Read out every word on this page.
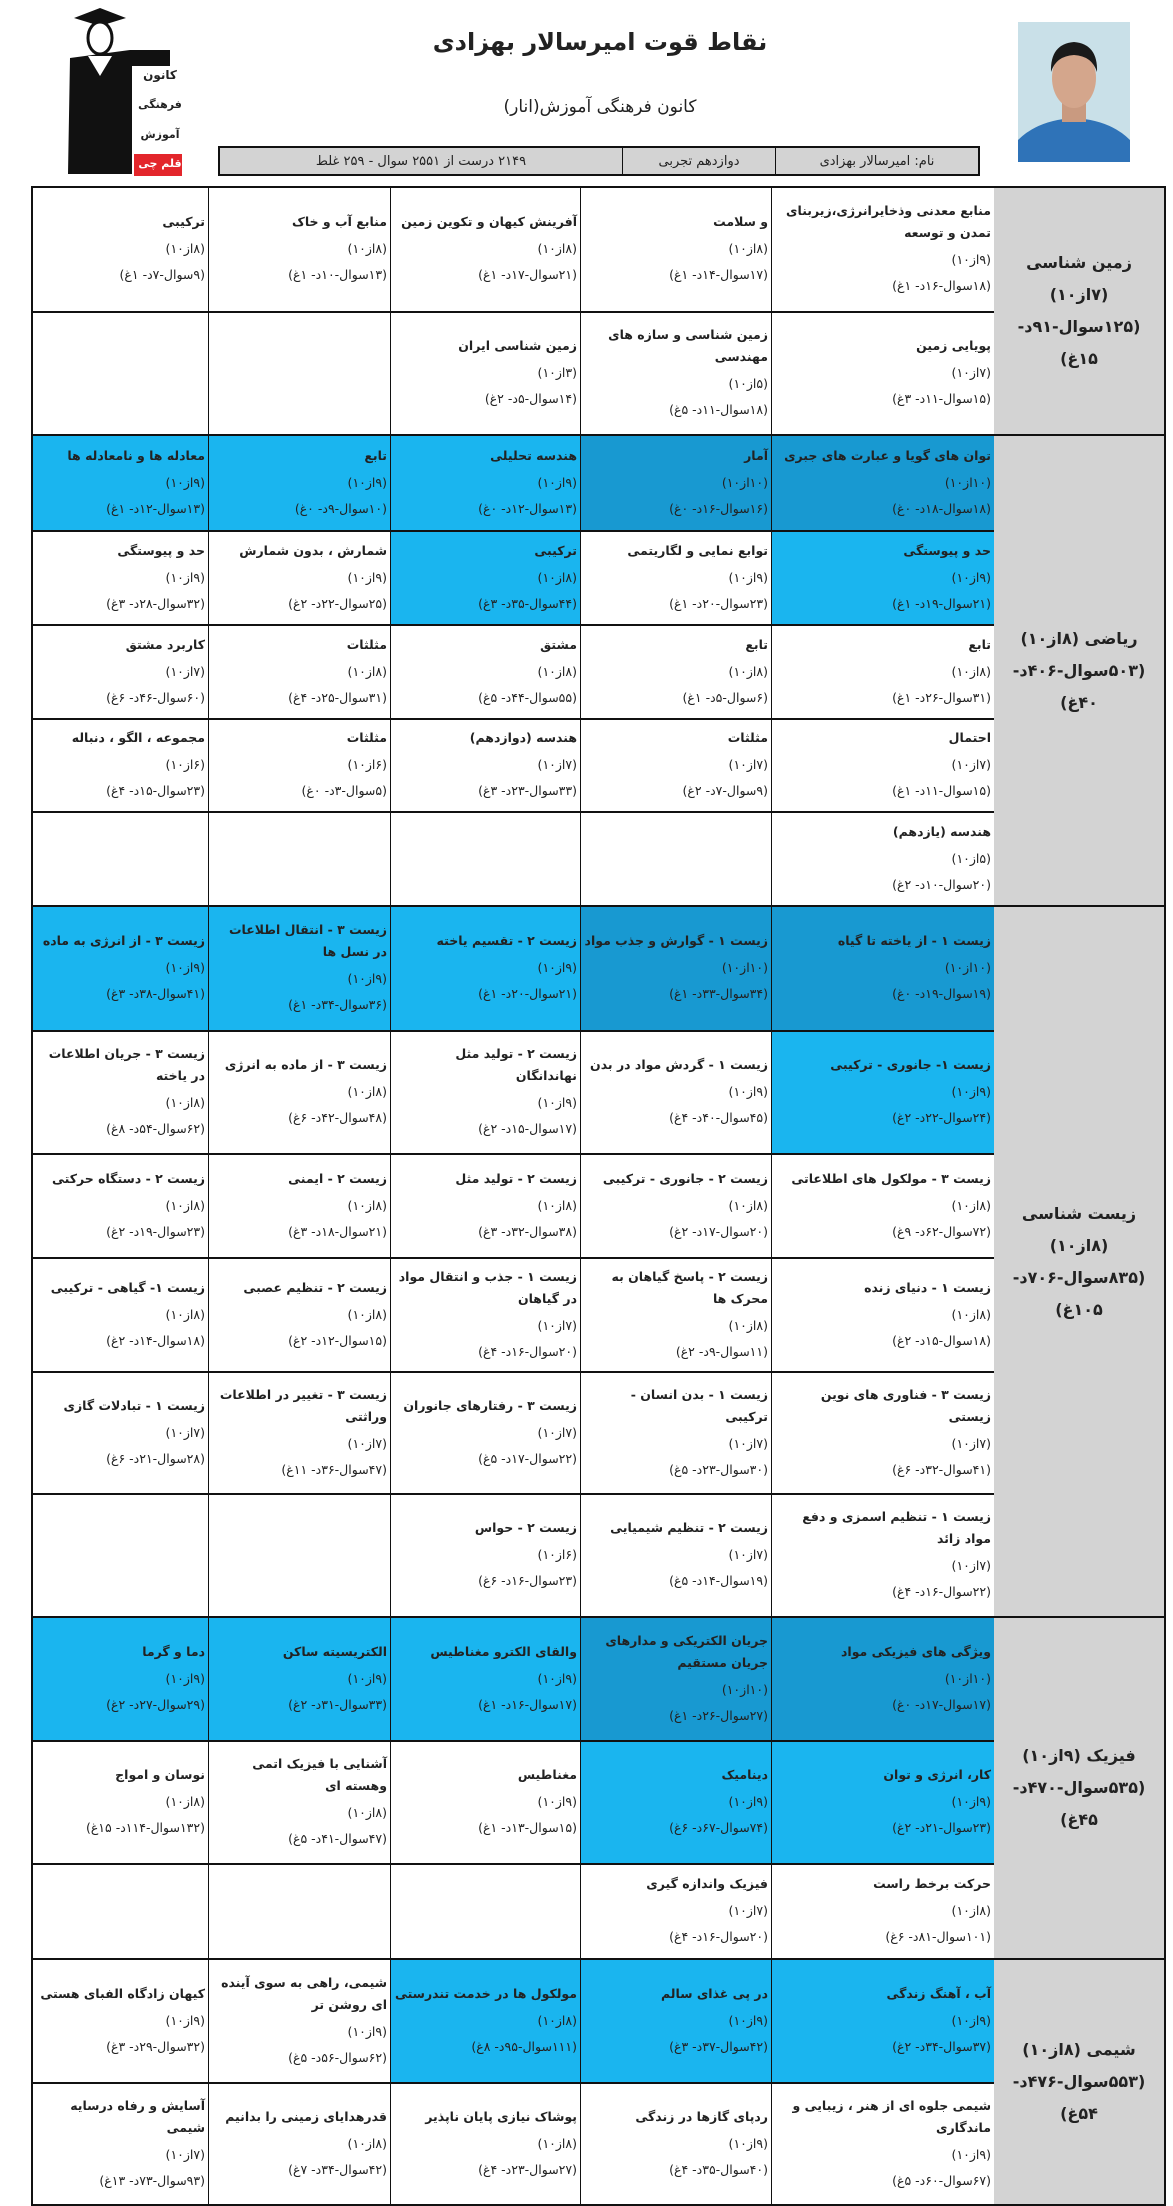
کانون
فرهنگی
آموزش
قلم چی
نقاط قوت امیرسالار بهزادی
کانون فرهنگی آموزش(انار)
نام: امیرسالار بهزادی
دوازدهم تجربی
۲۱۴۹ درست از ۲۵۵۱ سوال - ۲۵۹ غلط
زمین شناسی (۷از۱۰) (۱۲۵سوال-۹۱د- ۱۵غ)
منابع معدنی وذخایرانرژی،زیربنای تمدن و توسعه
(۹از۱۰)
(۱۸سوال-۱۶د- ۱غ)
و سلامت
(۸از۱۰)
(۱۷سوال-۱۴د- ۱غ)
آفرینش کیهان و تکوین زمین
(۸از۱۰)
(۲۱سوال-۱۷د- ۱غ)
منابع آب و خاک
(۸از۱۰)
(۱۳سوال-۱۰د- ۱غ)
ترکیبی
(۸از۱۰)
(۹سوال-۷د- ۱غ)
پویایی زمین
(۷از۱۰)
(۱۵سوال-۱۱د- ۳غ)
زمین شناسی و سازه های مهندسی
(۵از۱۰)
(۱۸سوال-۱۱د- ۵غ)
زمین شناسی ایران
(۳از۱۰)
(۱۴سوال-۵د- ۲غ)
ریاضی (۸از۱۰) (۵۰۳سوال-۴۰۶د- ۴۰غ)
توان های گویا و عبارت های جبری
(۱۰از۱۰)
(۱۸سوال-۱۸د- ۰غ)
آمار
(۱۰از۱۰)
(۱۶سوال-۱۶د- ۰غ)
هندسه تحلیلی
(۹از۱۰)
(۱۳سوال-۱۲د- ۰غ)
تابع
(۹از۱۰)
(۱۰سوال-۹د- ۰غ)
معادله ها و نامعادله ها
(۹از۱۰)
(۱۳سوال-۱۲د- ۱غ)
حد و پیوستگی
(۹از۱۰)
(۲۱سوال-۱۹د- ۱غ)
توابع نمایی و لگاریتمی
(۹از۱۰)
(۲۳سوال-۲۰د- ۱غ)
ترکیبی
(۸از۱۰)
(۴۴سوال-۳۵د- ۳غ)
شمارش ، بدون شمارش
(۹از۱۰)
(۲۵سوال-۲۲د- ۲غ)
حد و پیوستگی
(۹از۱۰)
(۳۲سوال-۲۸د- ۳غ)
تابع
(۸از۱۰)
(۳۱سوال-۲۶د- ۱غ)
تابع
(۸از۱۰)
(۶سوال-۵د- ۱غ)
مشتق
(۸از۱۰)
(۵۵سوال-۴۴د- ۵غ)
مثلثات
(۸از۱۰)
(۳۱سوال-۲۵د- ۴غ)
کاربرد مشتق
(۷از۱۰)
(۶۰سوال-۴۶د- ۶غ)
احتمال
(۷از۱۰)
(۱۵سوال-۱۱د- ۱غ)
مثلثات
(۷از۱۰)
(۹سوال-۷د- ۲غ)
هندسه (دوازدهم)
(۷از۱۰)
(۳۳سوال-۲۳د- ۳غ)
مثلثات
(۶از۱۰)
(۵سوال-۳د- ۰غ)
مجموعه ، الگو ، دنباله
(۶از۱۰)
(۲۳سوال-۱۵د- ۴غ)
هندسه (یازدهم)
(۵از۱۰)
(۲۰سوال-۱۰د- ۲غ)
زیست شناسی (۸از۱۰) (۸۳۵سوال-۷۰۶د- ۱۰۵غ)
زیست ۱ - از یاخته تا گیاه
(۱۰از۱۰)
(۱۹سوال-۱۹د- ۰غ)
زیست ۱ - گوارش و جذب مواد
(۱۰از۱۰)
(۳۴سوال-۳۳د- ۱غ)
زیست ۲ - تقسیم یاخته
(۹از۱۰)
(۲۱سوال-۲۰د- ۱غ)
زیست ۳ - انتقال اطلاعات در نسل ها
(۹از۱۰)
(۳۶سوال-۳۴د- ۱غ)
زیست ۳ - از انرژی به ماده
(۹از۱۰)
(۴۱سوال-۳۸د- ۳غ)
زیست ۱- جانوری - ترکیبی
(۹از۱۰)
(۲۴سوال-۲۲د- ۲غ)
زیست ۱ - گردش مواد در بدن
(۹از۱۰)
(۴۵سوال-۴۰د- ۴غ)
زیست ۲ - تولید مثل نهاندانگان
(۹از۱۰)
(۱۷سوال-۱۵د- ۲غ)
زیست ۳ - از ماده به انرژی
(۸از۱۰)
(۴۸سوال-۴۲د- ۶غ)
زیست ۳ - جریان اطلاعات در یاخته
(۸از۱۰)
(۶۲سوال-۵۴د- ۸غ)
زیست ۳ - مولکول های اطلاعاتی
(۸از۱۰)
(۷۲سوال-۶۲د- ۹غ)
زیست ۲ - جانوری - ترکیبی
(۸از۱۰)
(۲۰سوال-۱۷د- ۲غ)
زیست ۲ - تولید مثل
(۸از۱۰)
(۳۸سوال-۳۲د- ۳غ)
زیست ۲ - ایمنی
(۸از۱۰)
(۲۱سوال-۱۸د- ۳غ)
زیست ۲ - دستگاه حرکتی
(۸از۱۰)
(۲۳سوال-۱۹د- ۲غ)
زیست ۱ - دنیای زنده
(۸از۱۰)
(۱۸سوال-۱۵د- ۲غ)
زیست ۲ - پاسخ گیاهان به محرک ها
(۸از۱۰)
(۱۱سوال-۹د- ۲غ)
زیست ۱ - جذب و انتقال مواد در گیاهان
(۷از۱۰)
(۲۰سوال-۱۶د- ۴غ)
زیست ۲ - تنظیم عصبی
(۸از۱۰)
(۱۵سوال-۱۲د- ۲غ)
زیست ۱- گیاهی - ترکیبی
(۸از۱۰)
(۱۸سوال-۱۴د- ۲غ)
زیست ۳ - فناوری های نوین زیستی
(۷از۱۰)
(۴۱سوال-۳۲د- ۶غ)
زیست ۱ - بدن انسان - ترکیبی
(۷از۱۰)
(۳۰سوال-۲۳د- ۵غ)
زیست ۳ - رفتارهای جانوران
(۷از۱۰)
(۲۲سوال-۱۷د- ۵غ)
زیست ۳ - تغییر در اطلاعات وراثتی
(۷از۱۰)
(۴۷سوال-۳۶د- ۱۱غ)
زیست ۱ - تبادلات گازی
(۷از۱۰)
(۲۸سوال-۲۱د- ۶غ)
زیست ۱ - تنظیم اسمزی و دفع مواد زائد
(۷از۱۰)
(۲۲سوال-۱۶د- ۴غ)
زیست ۲ - تنظیم شیمیایی
(۷از۱۰)
(۱۹سوال-۱۴د- ۵غ)
زیست ۲ - حواس
(۶از۱۰)
(۲۳سوال-۱۶د- ۶غ)
فیزیک (۹از۱۰) (۵۳۵سوال-۴۷۰د- ۴۵غ)
ویژگی های فیزیکی مواد
(۱۰از۱۰)
(۱۷سوال-۱۷د- ۰غ)
جریان الکتریکی و مدارهای جریان مستقیم
(۱۰از۱۰)
(۲۷سوال-۲۶د- ۱غ)
والقای الکترو مغناطیس
(۹از۱۰)
(۱۷سوال-۱۶د- ۱غ)
الکتریسیته ساکن
(۹از۱۰)
(۳۳سوال-۳۱د- ۲غ)
دما و گرما
(۹از۱۰)
(۲۹سوال-۲۷د- ۲غ)
کار، انرژی و توان
(۹از۱۰)
(۲۳سوال-۲۱د- ۲غ)
دینامیک
(۹از۱۰)
(۷۴سوال-۶۷د- ۶غ)
مغناطیس
(۹از۱۰)
(۱۵سوال-۱۳د- ۱غ)
آشنایی با فیزیک اتمی وهسته ای
(۸از۱۰)
(۴۷سوال-۴۱د- ۵غ)
نوسان و امواج
(۸از۱۰)
(۱۳۲سوال-۱۱۴د- ۱۵غ)
حرکت برخط راست
(۸از۱۰)
(۱۰۱سوال-۸۱د- ۶غ)
فیزیک واندازه گیری
(۷از۱۰)
(۲۰سوال-۱۶د- ۴غ)
شیمی (۸از۱۰) (۵۵۳سوال-۴۷۶د- ۵۴غ)
آب ، آهنگ زندگی
(۹از۱۰)
(۳۷سوال-۳۴د- ۲غ)
در پی غذای سالم
(۹از۱۰)
(۴۲سوال-۳۷د- ۳غ)
مولکول ها در خدمت تندرستی
(۸از۱۰)
(۱۱۱سوال-۹۵د- ۸غ)
شیمی، راهی به سوی آینده ای روشن تر
(۹از۱۰)
(۶۲سوال-۵۶د- ۵غ)
کیهان زادگاه الفبای هستی
(۹از۱۰)
(۳۲سوال-۲۹د- ۳غ)
شیمی جلوه ای از هنر ، زیبایی و ماندگاری
(۹از۱۰)
(۶۷سوال-۶۰د- ۵غ)
ردپای گازها در زندگی
(۹از۱۰)
(۴۰سوال-۳۵د- ۴غ)
پوشاک نیازی پایان ناپذیر
(۸از۱۰)
(۲۷سوال-۲۳د- ۴غ)
قدرهدایای زمینی را بدانیم
(۸از۱۰)
(۴۲سوال-۳۴د- ۷غ)
آسایش و رفاه درسایه شیمی
(۷از۱۰)
(۹۳سوال-۷۳د- ۱۳غ)
